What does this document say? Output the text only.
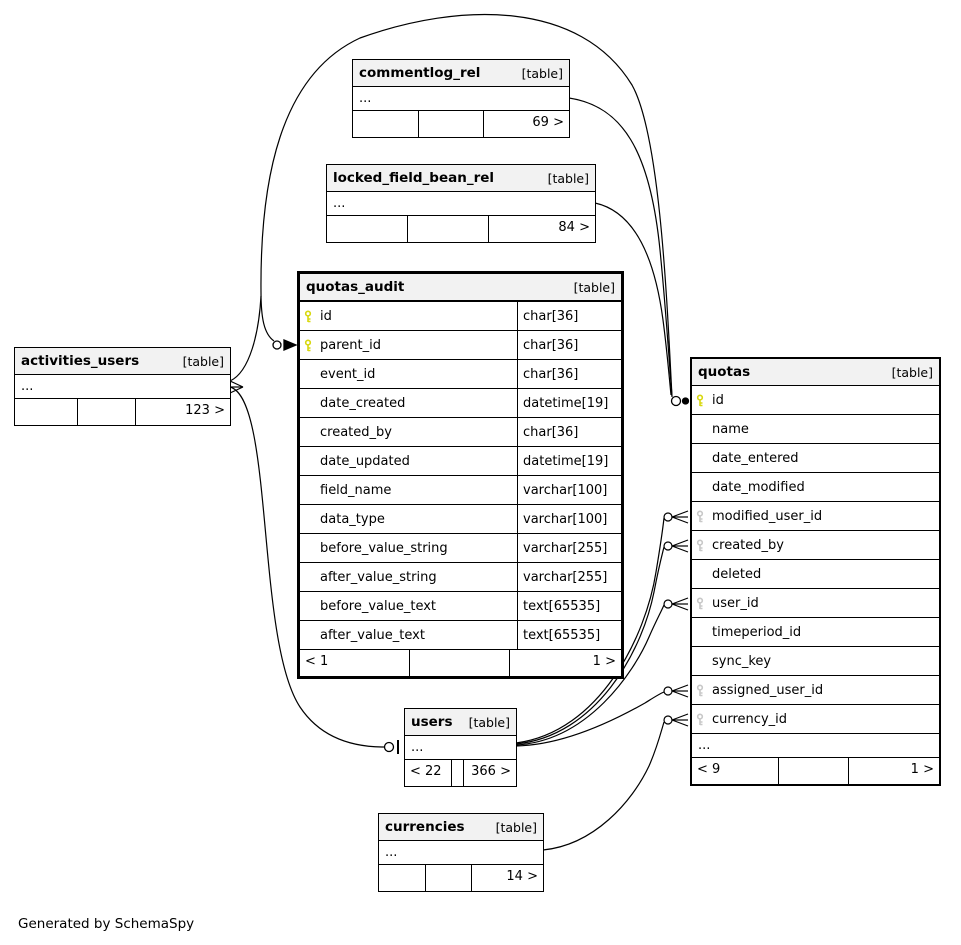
commentlog_rel	[table]
...
69 >
locked_field_bean_rel	[table]
...
84 >
quotas_audit	[table]
id	char[36]
parent_id	char[36]
event_id	char[36]
date_created	datetime[19]
created_by	char[36]
date_updated	datetime[19]
field_name	varchar[100]
data_type	varchar[100]
before_value_string	varchar[255]
after_value_string	varchar[255]
before_value_text	text[65535]
after_value_text	text[65535]
< 1	1 >
activities_users	[table]
...
123 >
quotas	[table]
id
name
date_entered
date_modified
modified_user_id
created_by
deleted
user_id
timeperiod_id
sync_key
assigned_user_id
currency_id
...
< 9	1 >
users	[table]
...
< 22	366 >
currencies	[table]
...
14 >
Generated by SchemaSpy
